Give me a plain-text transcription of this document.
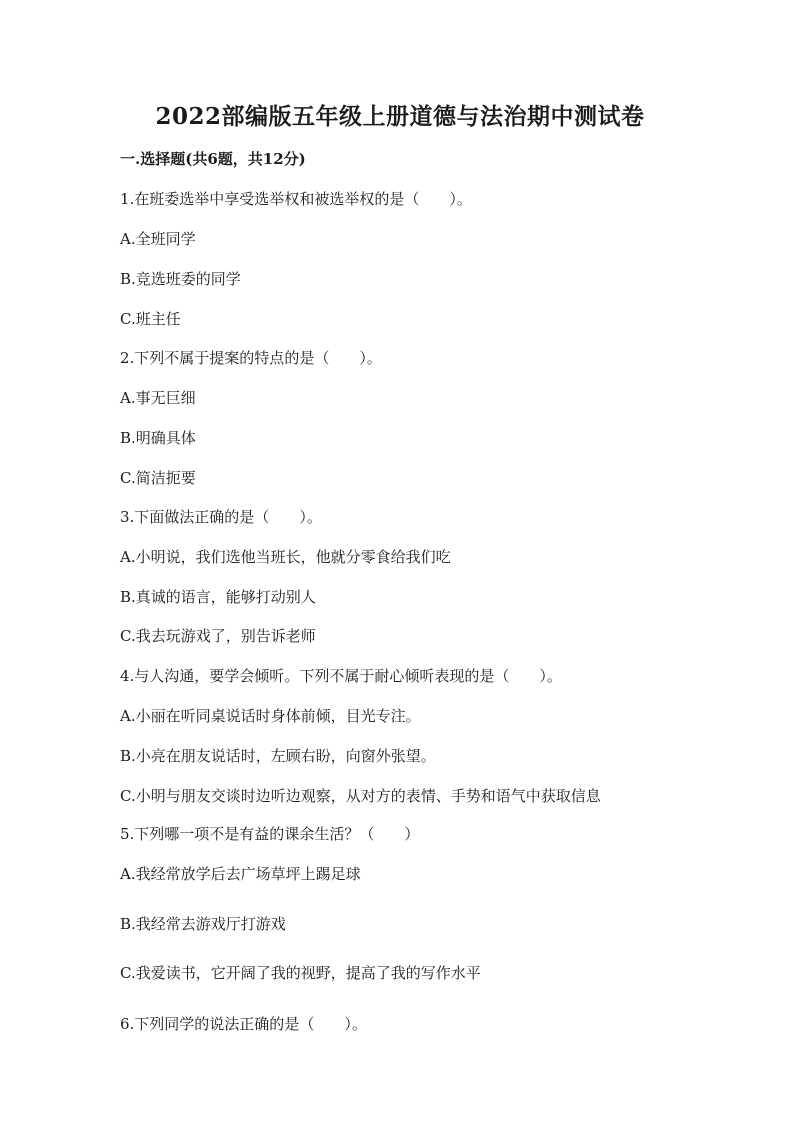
2022部编版五年级上册道德与法治期中测试卷
一.选择题(共6题，共12分)
1.在班委选举中享受选举权和被选举权的是（　　）。
A.全班同学
B.竞选班委的同学
C.班主任
2.下列不属于提案的特点的是（　　）。
A.事无巨细
B.明确具体
C.简洁扼要
3.下面做法正确的是（　　）。
A.小明说，我们选他当班长，他就分零食给我们吃
B.真诚的语言，能够打动别人
C.我去玩游戏了，别告诉老师
4.与人沟通，要学会倾听。下列不属于耐心倾听表现的是（　　）。
A.小丽在听同桌说话时身体前倾，目光专注。
B.小亮在朋友说话时，左顾右盼，向窗外张望。
C.小明与朋友交谈时边听边观察，从对方的表情、手势和语气中获取信息
5.下列哪一项不是有益的课余生活？（　　）
A.我经常放学后去广场草坪上踢足球
B.我经常去游戏厅打游戏
C.我爱读书，它开阔了我的视野，提高了我的写作水平
6.下列同学的说法正确的是（　　）。
